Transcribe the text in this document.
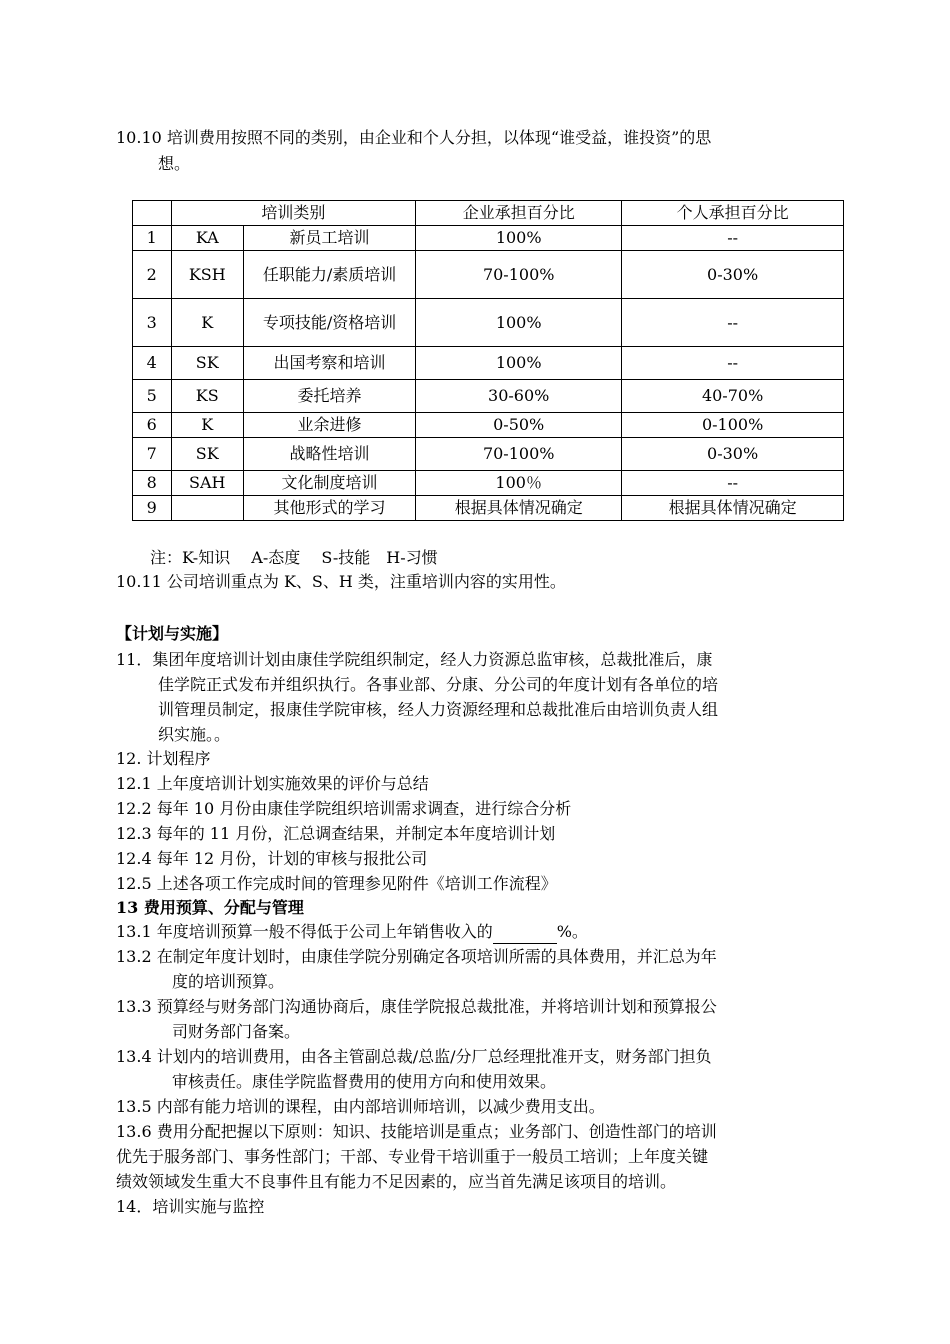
10.10 培训费用按照不同的类别，由企业和个人分担，以体现“谁受益，谁投资”的思
想。
	培训类别		企业承担百分比	个人承担百分比
1	KA	新员工培训	100%	--
2	KSH	任职能力/素质培训	70-100%	0-30%
3	K	专项技能/资格培训	100%	--
4	SK	出国考察和培训	100%	--
5	KS	委托培养	30-60%	40-70%
6	K	业余进修	0-50%	0-100%
7	SK	战略性培训	70-100%	0-30%
8	SAH	文化制度培训	100％	--
9		其他形式的学习	根据具体情况确定	根据具体情况确定
注：K-知识　 A-态度　 S-技能　H-习惯
10.11 公司培训重点为 K、S、H 类，注重培训内容的实用性。
【计划与实施】
11．集团年度培训计划由康佳学院组织制定，经人力资源总监审核，总裁批准后，康
佳学院正式发布并组织执行。各事业部、分康、分公司的年度计划有各单位的培
训管理员制定，报康佳学院审核，经人力资源经理和总裁批准后由培训负责人组
织实施。。
12. 计划程序
12.1 上年度培训计划实施效果的评价与总结
12.2 每年 10 月份由康佳学院组织培训需求调查，进行综合分析
12.3 每年的 11 月份，汇总调查结果，并制定本年度培训计划
12.4 每年 12 月份，计划的审核与报批公司
12.5 上述各项工作完成时间的管理参见附件《培训工作流程》
13 费用预算、分配与管理
13.1 年度培训预算一般不得低于公司上年销售收入的	%。
13.2 在制定年度计划时，由康佳学院分别确定各项培训所需的具体费用，并汇总为年
度的培训预算。
13.3 预算经与财务部门沟通协商后，康佳学院报总裁批准，并将培训计划和预算报公
司财务部门备案。
13.4 计划内的培训费用，由各主管副总裁/总监/分厂总经理批准开支，财务部门担负
审核责任。康佳学院监督费用的使用方向和使用效果。
13.5 内部有能力培训的课程，由内部培训师培训，以减少费用支出。
13.6 费用分配把握以下原则：知识、技能培训是重点；业务部门、创造性部门的培训
优先于服务部门、事务性部门；干部、专业骨干培训重于一般员工培训；上年度关键
绩效领域发生重大不良事件且有能力不足因素的，应当首先满足该项目的培训。
14．培训实施与监控
